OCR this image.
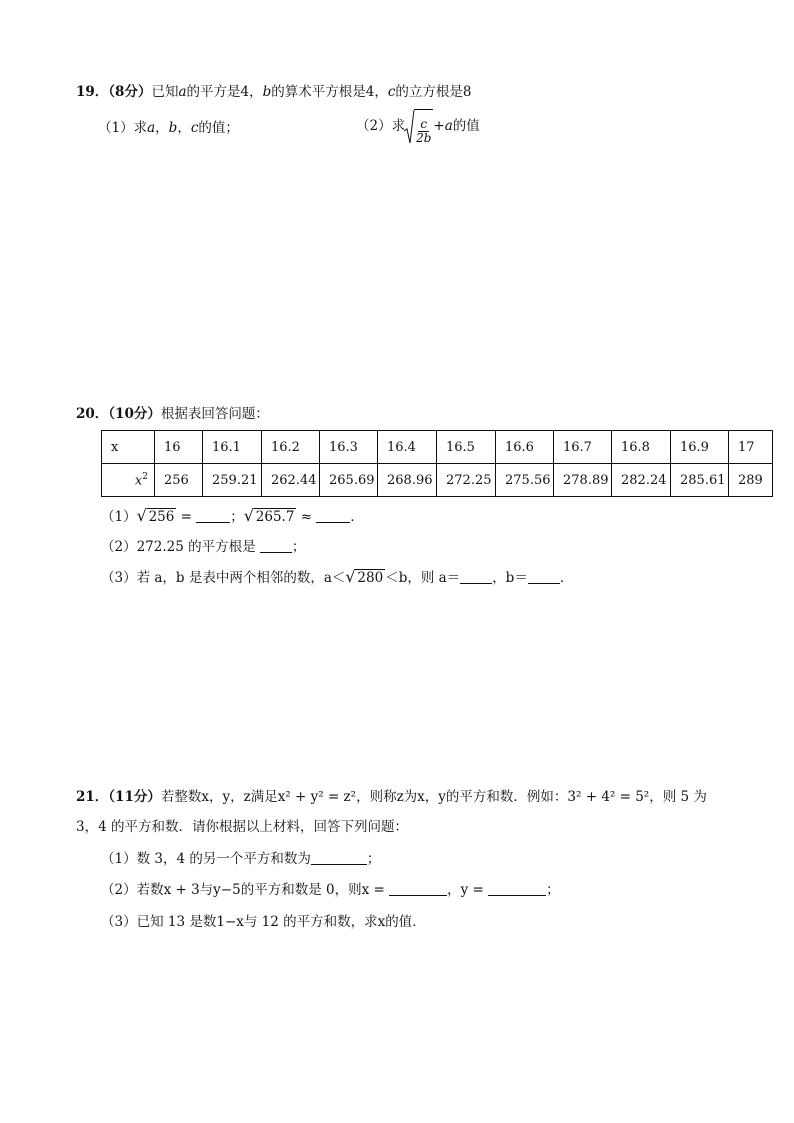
19．（8分）已知a的平方是4，b的算术平方根是4，c的立方根是8
（1）求a，b，c的值；	（2）求 $\frac{c}{2b} +a$的值
20．（10分）根据表回答问题：
x	16	16.1	16.2	16.3	16.4	16.5	16.6	16.7	16.8	16.9	17
$x^2$	256	259.21	262.44	265.69	268.96	272.25	275.56	278.89	282.24	285.61	289
（1） √ 256 =	； √ 265.7 ≈	．
（2）272.25 的平方根是	；
（3）若 a，b 是表中两个相邻的数，a＜ √ 280 ＜b，则 a＝ ，b＝ ．
21．（11分）若整数x，y，z满足x² + y² = z²，则称z为x，y的平方和数．例如：3² + 4² = 5²，则 5 为
3，4 的平方和数．请你根据以上材料，回答下列问题：
（1）数 3，4 的另一个平方和数为	；
（2）若数x + 3与y−5的平方和数是 0，则x =	，y =	；
（3）已知 13 是数1−x与 12 的平方和数，求x的值．
